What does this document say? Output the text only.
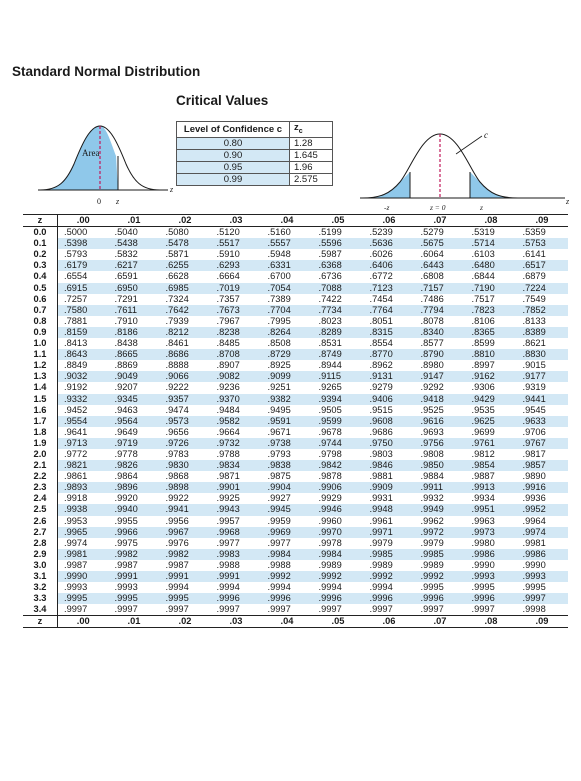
Standard Normal Distribution
Area
0 z
z
Critical Values
Level of Confidence c	$z_c$
0.80	1.28
0.90	1.645
0.95	1.96
0.99	2.575
c
-z	z = 0	z
z
z	.00	.01	.02	.03	.04	.05	.06	.07	.08	.09
0.0	.5000	.5040	.5080	.5120	.5160	.5199	.5239	.5279	.5319	.5359
0.1	.5398	.5438	.5478	.5517	.5557	.5596	.5636	.5675	.5714	.5753
0.2	.5793	.5832	.5871	.5910	.5948	.5987	.6026	.6064	.6103	.6141
0.3	.6179	.6217	.6255	.6293	.6331	.6368	.6406	.6443	.6480	.6517
0.4	.6554	.6591	.6628	.6664	.6700	.6736	.6772	.6808	.6844	.6879
0.5	.6915	.6950	.6985	.7019	.7054	.7088	.7123	.7157	.7190	.7224
0.6	.7257	.7291	.7324	.7357	.7389	.7422	.7454	.7486	.7517	.7549
0.7	.7580	.7611	.7642	.7673	.7704	.7734	.7764	.7794	.7823	.7852
0.8	.7881	.7910	.7939	.7967	.7995	.8023	.8051	.8078	.8106	.8133
0.9	.8159	.8186	.8212	.8238	.8264	.8289	.8315	.8340	.8365	.8389
1.0	.8413	.8438	.8461	.8485	.8508	.8531	.8554	.8577	.8599	.8621
1.1	.8643	.8665	.8686	.8708	.8729	.8749	.8770	.8790	.8810	.8830
1.2	.8849	.8869	.8888	.8907	.8925	.8944	.8962	.8980	.8997	.9015
1.3	.9032	.9049	.9066	.9082	.9099	.9115	.9131	.9147	.9162	.9177
1.4	.9192	.9207	.9222	.9236	.9251	.9265	.9279	.9292	.9306	.9319
1.5	.9332	.9345	.9357	.9370	.9382	.9394	.9406	.9418	.9429	.9441
1.6	.9452	.9463	.9474	.9484	.9495	.9505	.9515	.9525	.9535	.9545
1.7	.9554	.9564	.9573	.9582	.9591	.9599	.9608	.9616	.9625	.9633
1.8	.9641	.9649	.9656	.9664	.9671	.9678	.9686	.9693	.9699	.9706
1.9	.9713	.9719	.9726	.9732	.9738	.9744	.9750	.9756	.9761	.9767
2.0	.9772	.9778	.9783	.9788	.9793	.9798	.9803	.9808	.9812	.9817
2.1	.9821	.9826	.9830	.9834	.9838	.9842	.9846	.9850	.9854	.9857
2.2	.9861	.9864	.9868	.9871	.9875	.9878	.9881	.9884	.9887	.9890
2.3	.9893	.9896	.9898	.9901	.9904	.9906	.9909	.9911	.9913	.9916
2.4	.9918	.9920	.9922	.9925	.9927	.9929	.9931	.9932	.9934	.9936
2.5	.9938	.9940	.9941	.9943	.9945	.9946	.9948	.9949	.9951	.9952
2.6	.9953	.9955	.9956	.9957	.9959	.9960	.9961	.9962	.9963	.9964
2.7	.9965	.9966	.9967	.9968	.9969	.9970	.9971	.9972	.9973	.9974
2.8	.9974	.9975	.9976	.9977	.9977	.9978	.9979	.9979	.9980	.9981
2.9	.9981	.9982	.9982	.9983	.9984	.9984	.9985	.9985	.9986	.9986
3.0	.9987	.9987	.9987	.9988	.9988	.9989	.9989	.9989	.9990	.9990
3.1	.9990	.9991	.9991	.9991	.9992	.9992	.9992	.9992	.9993	.9993
3.2	.9993	.9993	.9994	.9994	.9994	.9994	.9994	.9995	.9995	.9995
3.3	.9995	.9995	.9995	.9996	.9996	.9996	.9996	.9996	.9996	.9997
3.4	.9997	.9997	.9997	.9997	.9997	.9997	.9997	.9997	.9997	.9998
z	.00	.01	.02	.03	.04	.05	.06	.07	.08	.09
